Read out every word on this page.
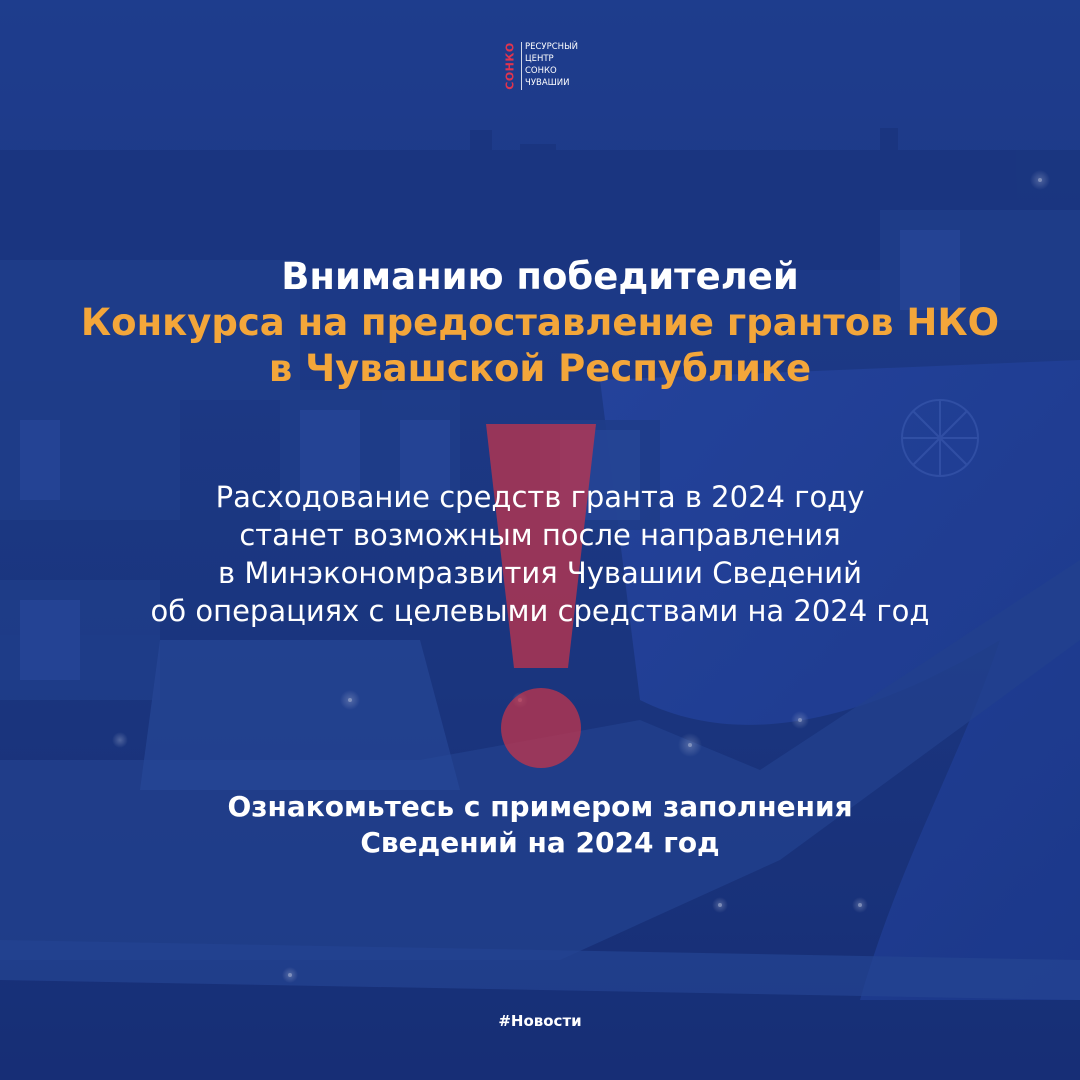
СОНКО РЕСУРСНЫЙ
ЦЕНТР
СОНКО
ЧУВАШИИ
Вниманию победителей
Конкурса на предоставление грантов НКО
в Чувашской Республике
Расходование средств гранта в 2024 году
станет возможным после направления
в Минэкономразвития Чувашии Сведений
об операциях с целевыми средствами на 2024 год
Ознакомьтесь с примером заполнения
Сведений на 2024 год
#Новости
